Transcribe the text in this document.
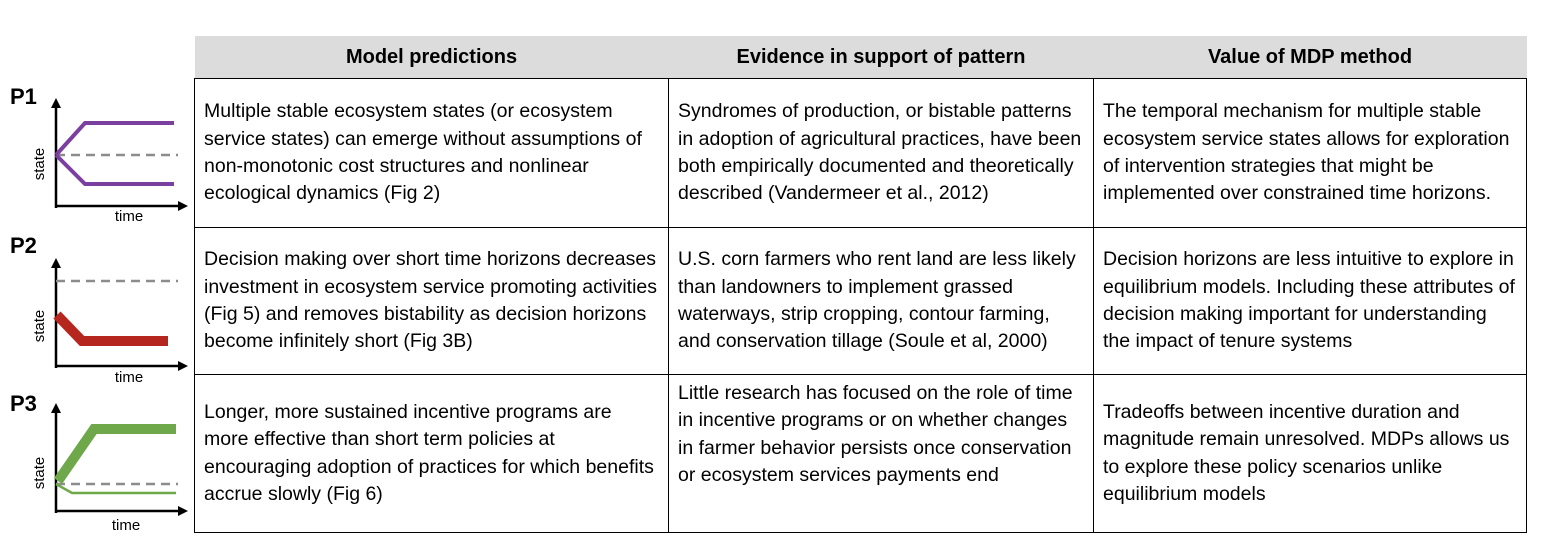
P1
P2
P3
state
time
state
time
state
time
Model predictions	Evidence in support of pattern	Value of MDP method
Multiple stable ecosystem states (or ecosystem service states) can emerge without assumptions of non-monotonic cost structures and nonlinear ecological dynamics (Fig 2)	Syndromes of production, or bistable patterns in adoption of agricultural practices, have been both empirically documented and theoretically described (Vandermeer et al., 2012)	The temporal mechanism for multiple stable ecosystem service states allows for exploration of intervention strategies that might be implemented over constrained time horizons.
Decision making over short time horizons decreases investment in ecosystem service promoting activities (Fig 5) and removes bistability as decision horizons become infinitely short (Fig 3B)	U.S. corn farmers who rent land are less likely than landowners to implement grassed waterways, strip cropping, contour farming, and conservation tillage (Soule et al, 2000)	Decision horizons are less intuitive to explore in equilibrium models. Including these attributes of decision making important for understanding the impact of tenure systems
Longer, more sustained incentive programs are more effective than short term policies at encouraging adoption of practices for which benefits accrue slowly (Fig 6)	Little research has focused on the role of time in incentive programs or on whether changes in farmer behavior persists once conservation or ecosystem services payments end	Tradeoffs between incentive duration and magnitude remain unresolved. MDPs allows us to explore these policy scenarios unlike equilibrium models
